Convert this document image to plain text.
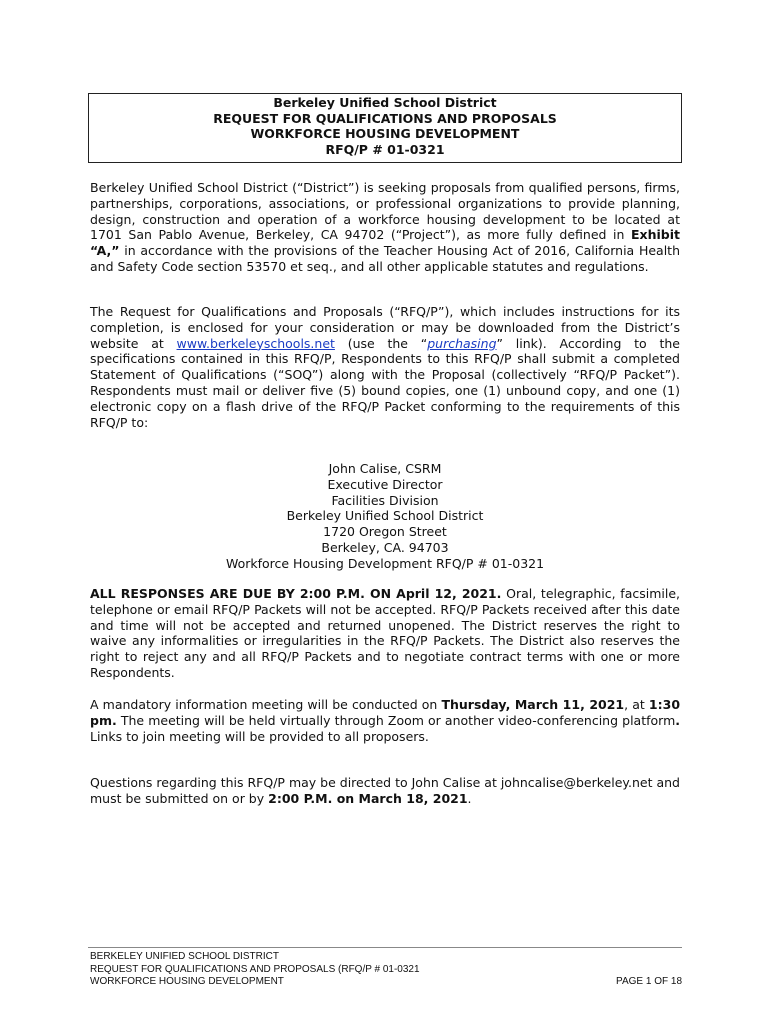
Berkeley Unified School District
REQUEST FOR QUALIFICATIONS AND PROPOSALS
WORKFORCE HOUSING DEVELOPMENT
RFQ/P # 01-0321
Berkeley Unified School District (“District”) is seeking proposals from qualified persons, firms, partnerships, corporations, associations, or professional organizations to provide planning, design, construction and operation of a workforce housing development to be located at 1701 San Pablo Avenue, Berkeley, CA 94702 (“Project”), as more fully defined in Exhibit “A,” in accordance with the provisions of the Teacher Housing Act of 2016, California Health and Safety Code section 53570 et seq., and all other applicable statutes and regulations.
The Request for Qualifications and Proposals (“RFQ/P”), which includes instructions for its completion, is enclosed for your consideration or may be downloaded from the District’s website at www.berkeleyschools.net (use the “purchasing” link). According to the specifications contained in this RFQ/P, Respondents to this RFQ/P shall submit a completed Statement of Qualifications (“SOQ”) along with the Proposal (collectively “RFQ/P Packet”). Respondents must mail or deliver five (5) bound copies, one (1) unbound copy, and one (1) electronic copy on a flash drive of the RFQ/P Packet conforming to the requirements of this RFQ/P to:
John Calise, CSRM
Executive Director
Facilities Division
Berkeley Unified School District
1720 Oregon Street
Berkeley, CA. 94703
Workforce Housing Development RFQ/P # 01-0321
ALL RESPONSES ARE DUE BY 2:00 P.M. ON April 12, 2021. Oral, telegraphic, facsimile, telephone or email RFQ/P Packets will not be accepted. RFQ/P Packets received after this date and time will not be accepted and returned unopened. The District reserves the right to waive any informalities or irregularities in the RFQ/P Packets. The District also reserves the right to reject any and all RFQ/P Packets and to negotiate contract terms with one or more Respondents.
A mandatory information meeting will be conducted on Thursday, March 11, 2021, at 1:30 pm. The meeting will be held virtually through Zoom or another video-conferencing platform. Links to join meeting will be provided to all proposers.
Questions regarding this RFQ/P may be directed to John Calise at johncalise@berkeley.net and must be submitted on or by 2:00 P.M. on March 18, 2021.
BERKELEY UNIFIED SCHOOL DISTRICT
REQUEST FOR QUALIFICATIONS AND PROPOSALS (RFQ/P # 01-0321
WORKFORCE HOUSING DEVELOPMENT	PAGE 1 OF 18
